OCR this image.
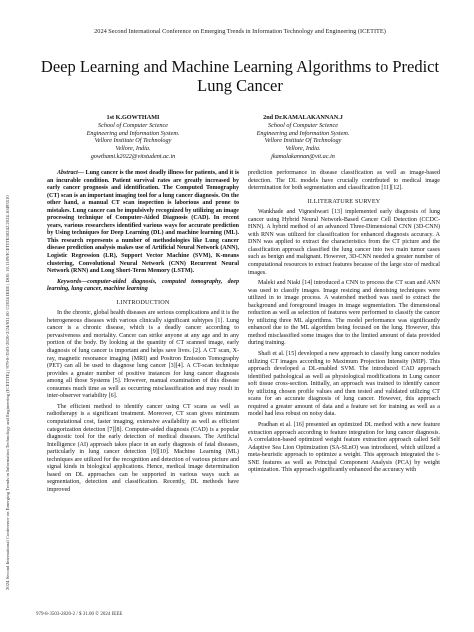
2024 Second International Conference on Emerging Trends in Information Technology and Engineering (ICETITE) | 979-8-3503-2820-2/24/$31.00 ©2024 IEEE | DOI: 10.1109/ICETITE58242.2024.10493510
2024 Second International Conference on Emerging Trends in Information Technology and Engineering (ICETITE)
Deep Learning and Machine Learning Algorithms to Predict Lung Cancer
1st K.GOWTHAMI
School of Computer Science
Engineering and Information System.
Vellore Institute Of Technology
Vellore, India.
gowthami.k2022@vitstudent.ac.in
2nd Dr.KAMALAKANNAN.J
School of Computer Science
Engineering and Information System.
Vellore Institute Of Technology
Vellore, India.
jkamalakannan@vit.ac.in

Abstract— Lung cancer is the most deadly illness for patients, and it is an incurable condition. Patient survival rates are greatly increased by early cancer prognosis and identification. The Computed Tomography (CT) scan is an important imaging tool for a lung cancer diagnosis. On the other hand, a manual CT scan inspection is laborious and prone to mistakes. Lung cancer can be impulsively recognized by utilizing an image processing technique of Computer-Aided Diagnosis (CAD). In recent years, various researchers identified various ways for accurate prediction by Using techniques for Deep Learning (DL) and machine learning (ML). This research represents a number of methodologies like Lung cancer disease prediction analysis makes use of Artificial Neural Network (ANN), Logistic Regression (LR), Support Vector Machine (SVM), K-means clustering, Convolutional Neural Network (CNN) Recurrent Neural Network (RNN) and Long Short-Term Memory (LSTM).

Keywords—computer-aided diagnosis, computed tomography, deep learning, lung cancer, machine learning

I.INTRODUCTION

In the chronic, global health diseases are serious complications and it is the heterogeneous diseases with various clinically significant subtypes [1]. Lung cancer is a chronic disease, which is a deadly cancer according to pervasiveness and mortality. Cancer can strike anyone at any age and in any portion of the body. By looking at the quantity of CT scanned image, early diagnosis of lung cancer is important and helps save lives. [2]. A CT scan, X-ray, magnetic resonance imaging (MRI) and Positron Emission Tomography (PET) can all be used to diagnose lung cancer [3][4]. A CT-scan technique provides a greater number of positive instances for lung cancer diagnosis among all those Systems [5]. However, manual examination of this disease consumes much time as well as occurring misclassification and may result in inter-observer variability [6].

The efficient method to identify cancer using CT scans as well as radiotherapy is a significant treatment. Moreover, CT scan gives minimum computational cost, faster imaging, extensive availability as well as efficient categorization detection [7][8]. Computer-aided diagnosis (CAD) is a popular diagnostic tool for the early detection of medical diseases. The Artificial Intelligence (AI) approach takes place in an early diagnosis of fatal diseases, particularly in lung cancer detection [9][10]. Machine Learning (ML) techniques are utilized for the recognition and detection of various picture and signal kinds in biological applications. Hence, medical image determination based on DL approaches can be supported in various ways such as segmentation, detection and classification. Recently, DL methods have improved

prediction performance in disease classification as well as image-based detection. The DL models have crucially contributed to medical image determination for both segmentation and classification [11][12].

II.LITERATURE SURVEY

Wankhade and Vigneshwari [13] implemented early diagnosis of lung cancer using Hybrid Neural Network-Based Cancer Cell Detection (CCDC-HNN). A hybrid method of an advanced Three-Dimensional CNN (3D-CNN) with RNN was utilized for classification for enhanced diagnosis accuracy. A DNN was applied to extract the characteristics from the CT picture and the classification approach classified the lung cancer into two main tumor cases such as benign and malignant. However, 3D-CNN needed a greater number of computational resources to extract features because of the large size of medical images.

Maleki and Niaki [14] introduced a CNN to process the CT scan and ANN was used to classify images. Image resizing and denoising techniques were utilized in to image process. A watershed method was used to extract the background and foreground images in image segmentation. The dimensional reduction as well as selection of features were performed to classify the cancer by utilizing three ML algorithms. The model performance was significantly enhanced due to the ML algorithm being focused on the lung. However, this method misclassified some images due to the limited amount of data provided during training.

Shafi et al. [15] developed a new approach to classify lung cancer nodules utilizing CT images according to Maximum Projection Intensity (MIP). This approach developed a DL-enabled SVM. The introduced CAD approach identified pathological as well as physiological modifications in Lung cancer soft tissue cross-section. Initially, an approach was trained to identify cancer by utilizing chosen profile values and then tested and validated utilizing CT scans for an accurate diagnosis of lung cancer. However, this approach required a greater amount of data and a feature set for training as well as a model had less robust on noisy data.

Pradhan et al. [16] presented an optimized DL method with a new feature extraction approach according to feature integration for lung cancer diagnosis. A correlation-based optimized weight feature extraction approach called Self Adaptive Sea Lion Optimization (SA-SLnO) was introduced, which utilized a meta-heuristic approach to optimize a weight. This approach integrated the t-SNE features as well as Principal Component Analysis (PCA) by weight optimization. This approach significantly enhanced the accuracy with

979-8-3503-2820-2 / $ 31.00 © 2024 IEEE
